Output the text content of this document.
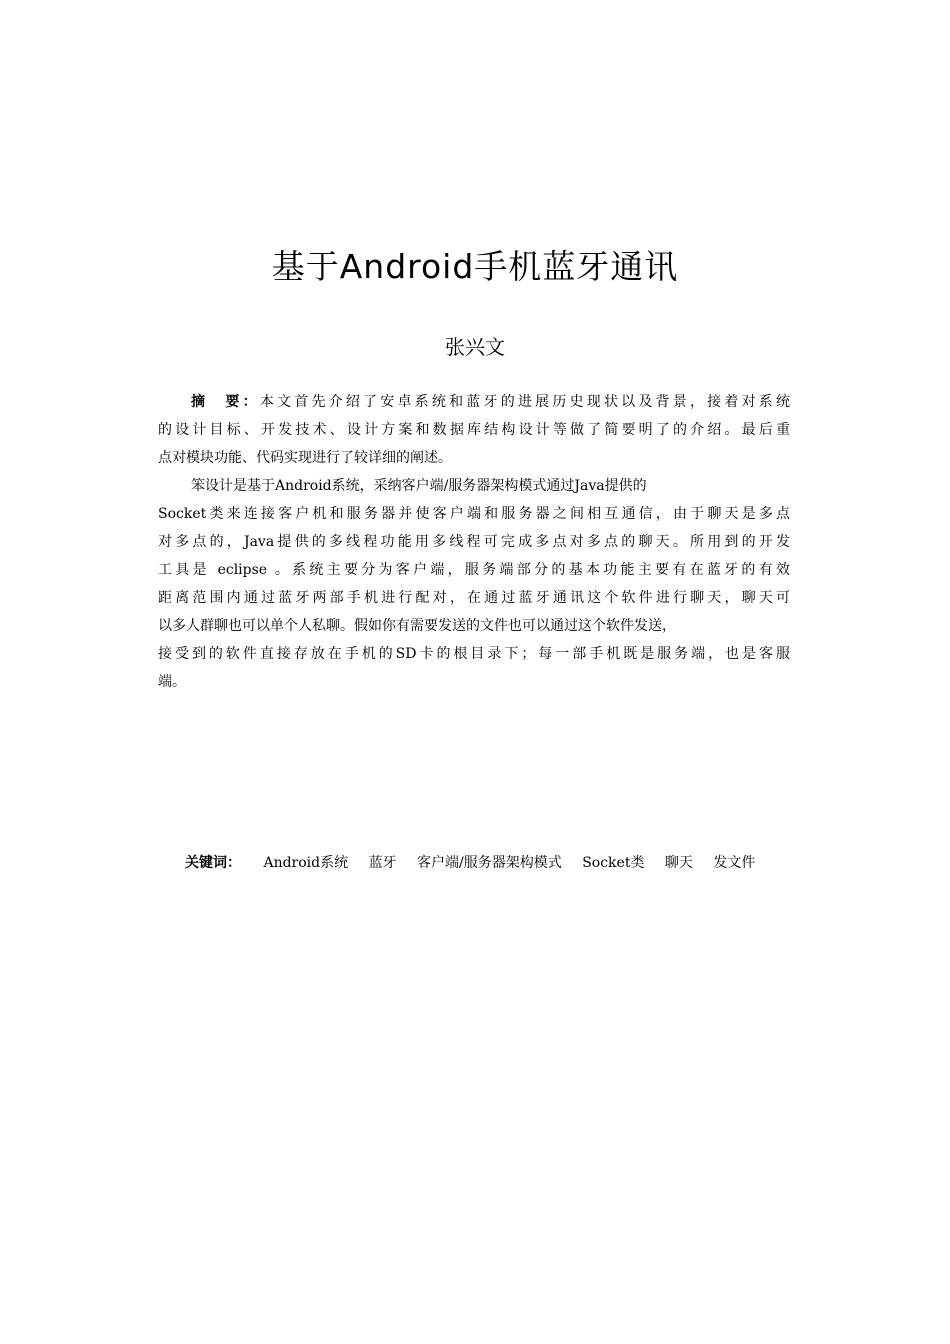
基于Android手机蓝牙通讯
张兴文
摘　要：本文首先介绍了安卓系统和蓝牙的进展历史现状以及背景，接着对系统
的设计目标、开发技术、设计方案和数据库结构设计等做了简要明了的介绍。最后重
点对模块功能、代码实现进行了较详细的阐述。
笨设计是基于Android系统，采纳客户端/服务器架构模式通过Java提供的
Socket类来连接客户机和服务器并使客户端和服务器之间相互通信，由于聊天是多点
对多点的，Java提供的多线程功能用多线程可完成多点对多点的聊天。所用到的开发
工具是 eclipse 。系统主要分为客户端，服务端部分的基本功能主要有在蓝牙的有效
距离范围内通过蓝牙两部手机进行配对，在通过蓝牙通讯这个软件进行聊天，聊天可
以多人群聊也可以单个人私聊。假如你有需要发送的文件也可以通过这个软件发送，
接受到的软件直接存放在手机的SD卡的根目录下；每一部手机既是服务端，也是客服
端。
关键词： Android系统 蓝牙 客户端/服务器架构模式 Socket类 聊天 发文件
